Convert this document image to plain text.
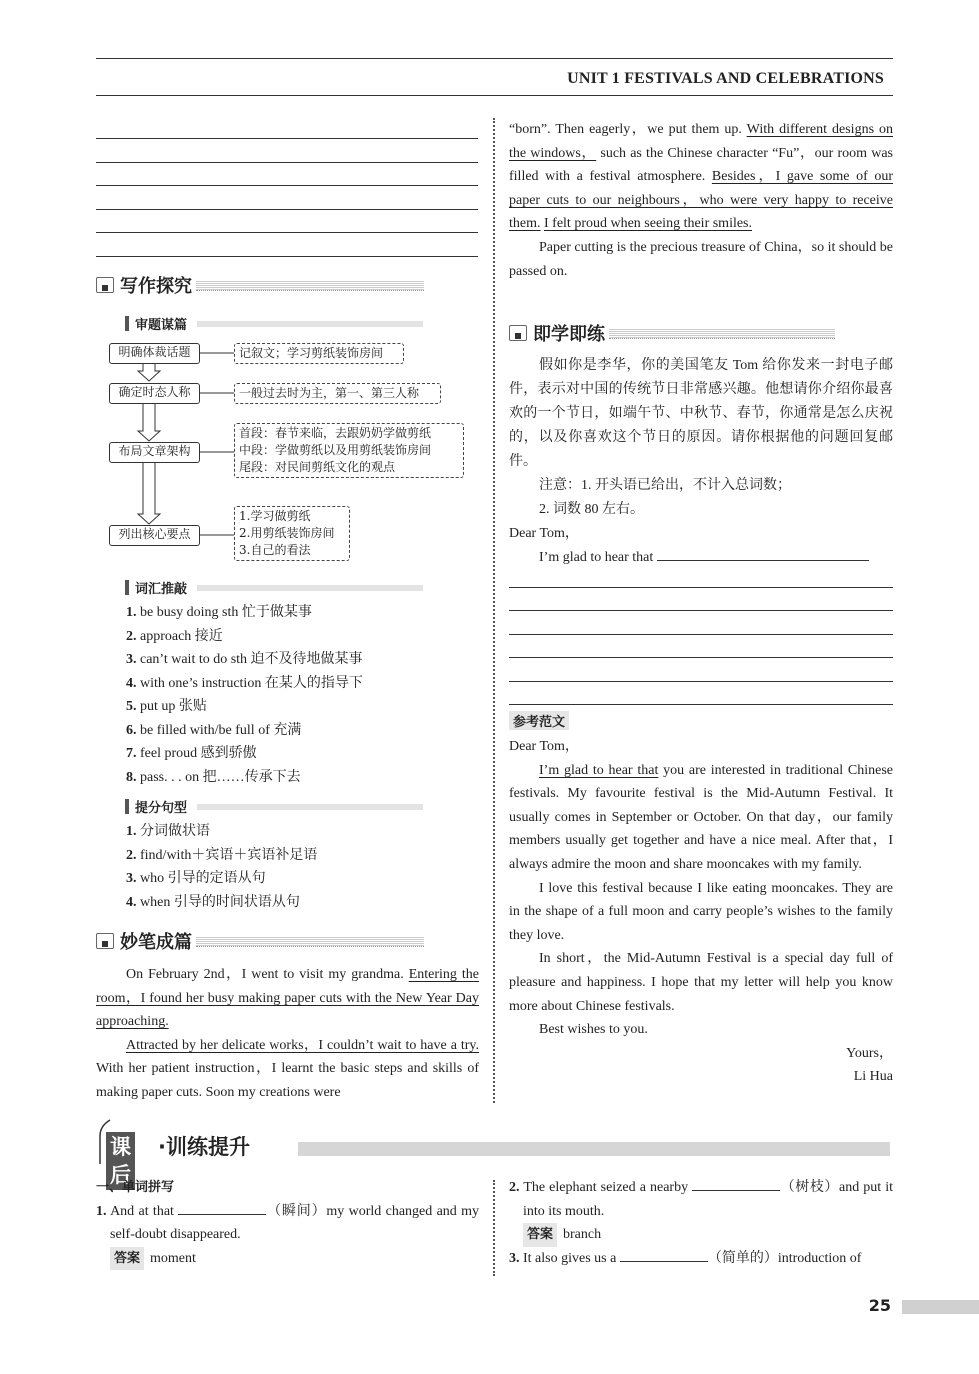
UNIT 1 FESTIVALS AND CELEBRATIONS
写作探究
审题谋篇
明确体裁话题	记叙文；学习剪纸装饰房间
确定时态人称	一般过去时为主，第一、第三人称
布局文章架构
首段：春节来临，去跟奶奶学做剪纸
中段：学做剪纸以及用剪纸装饰房间
尾段：对民间剪纸文化的观点
列出核心要点
1.学习做剪纸
2.用剪纸装饰房间
3.自己的看法
词汇推敲
1. be busy doing sth 忙于做某事
2. approach 接近
3. can’t wait to do sth 迫不及待地做某事
4. with one’s instruction 在某人的指导下
5. put up 张贴
6. be filled with/be full of 充满
7. feel proud 感到骄傲
8. pass. . . on 把……传承下去
提分句型
1. 分词做状语
2. find/with＋宾语＋宾语补足语
3. who 引导的定语从句
4. when 引导的时间状语从句
妙笔成篇

On February 2nd，I went to visit my grandma. Entering the room，I found her busy making paper cuts with the New Year Day approaching.

Attracted by her delicate works，I couldn’t wait to have a try. With her patient instruction，I learnt the basic steps and skills of making paper cuts. Soon my creations were

“born”. Then eagerly，we put them up. With different designs on the windows， such as the Chinese character “Fu”，our room was filled with a festival atmosphere. Besides，I gave some of our paper cuts to our neighbours，who were very happy to receive them. I felt proud when seeing their smiles.

Paper cutting is the precious treasure of China，so it should be passed on.

即学即练

假如你是李华，你的美国笔友 Tom 给你发来一封电子邮件，表示对中国的传统节日非常感兴趣。他想请你介绍你最喜欢的一个节日，如端午节、中秋节、春节，你通常是怎么庆祝的，以及你喜欢这个节日的原因。请你根据他的问题回复邮件。

注意：1. 开头语已给出，不计入总词数；

2. 词数 80 左右。

Dear Tom，

I’m glad to hear that

参考范文

Dear Tom，

I’m glad to hear that you are interested in traditional Chinese festivals. My favourite festival is the Mid-Autumn Festival. It usually comes in September or October. On that day，our family members usually get together and have a nice meal. After that，I always admire the moon and share mooncakes with my family.

I love this festival because I like eating mooncakes. They are in the shape of a full moon and carry people’s wishes to the family they love.

In short，the Mid-Autumn Festival is a special day full of pleasure and happiness. I hope that my letter will help you know more about Chinese festivals.

Best wishes to you.

Yours，

Li Hua

课后
·训练提升

一、单词拼写

1. And at that	（瞬间）my world changed and my self-doubt disappeared.

答案 moment

2. The elephant seized a nearby	（树枝）and put it into its mouth.

答案 branch

3. It also gives us a	（简单的）introduction of

25
